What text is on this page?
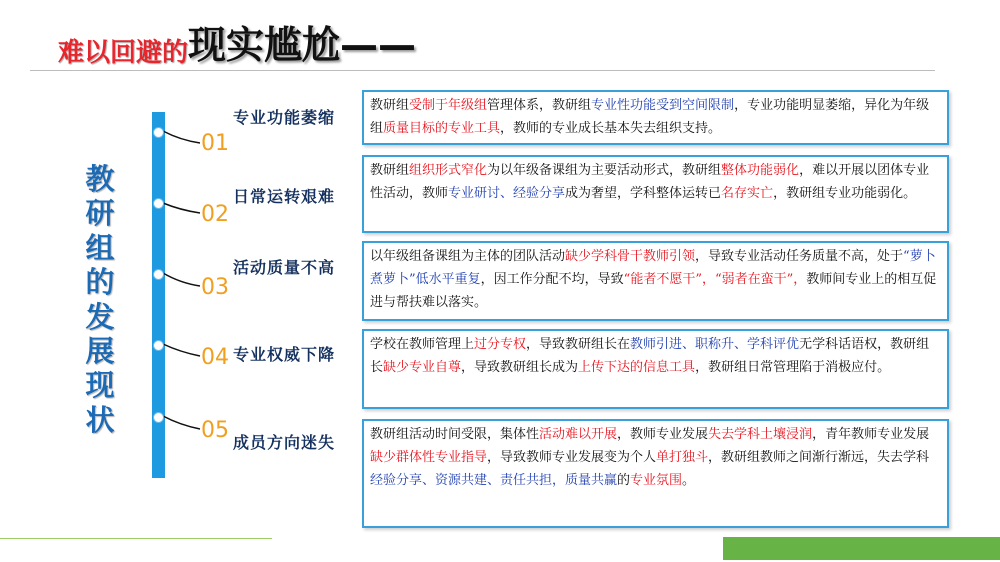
难以回避的现实尴尬——
教
研
组
的
发
展
现
状
01
02
03
04
05
专业功能萎缩
日常运转艰难
活动质量不高
专业权威下降
成员方向迷失
教研组受制于年级组管理体系，教研组专业性功能受到空间限制，专业功能明显萎缩，异化为年级组质量目标的专业工具，教师的专业成长基本失去组织支持。
教研组组织形式窄化为以年级备课组为主要活动形式，教研组整体功能弱化，难以开展以团体专业性活动，教师专业研讨、经验分享成为奢望，学科整体运转已名存实亡，教研组专业功能弱化。
以年级组备课组为主体的团队活动缺少学科骨干教师引领，导致专业活动任务质量不高，处于“萝卜煮萝卜”低水平重复，因工作分配不均，导致“能者不愿干”，“弱者在蛮干”，教师间专业上的相互促进与帮扶难以落实。
学校在教师管理上过分专权，导致教研组长在教师引进、职称升、学科评优无学科话语权，教研组长缺少专业自尊，导致教研组长成为上传下达的信息工具，教研组日常管理陷于消极应付。
教研组活动时间受限，集体性活动难以开展，教师专业发展失去学科土壤浸润，青年教师专业发展缺少群体性专业指导，导致教师专业发展变为个人单打独斗，教研组教师之间渐行渐远，失去学科经验分享、资源共建、责任共担，质量共赢的专业氛围。
